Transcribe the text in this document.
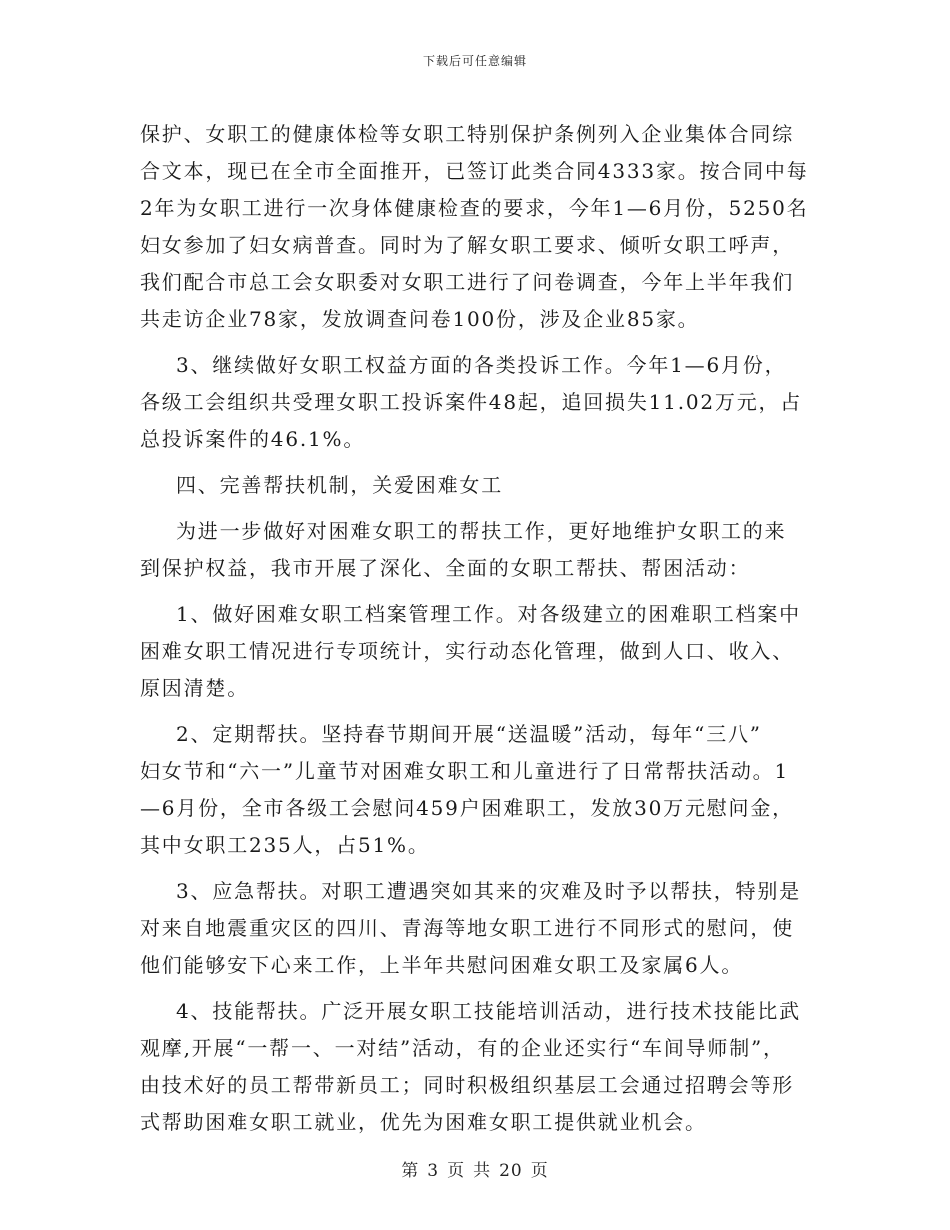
下载后可任意编辑
保护、女职工的健康体检等女职工特别保护条例列入企业集体合同综
合文本，现已在全市全面推开，已签订此类合同4333家。按合同中每
2年为女职工进行一次身体健康检查的要求，今年1—6月份，5250名
妇女参加了妇女病普查。同时为了解女职工要求、倾听女职工呼声，
我们配合市总工会女职委对女职工进行了问卷调查，今年上半年我们
共走访企业78家，发放调查问卷100份，涉及企业85家。
3、继续做好女职工权益方面的各类投诉工作。今年1—6月份，
各级工会组织共受理女职工投诉案件48起，追回损失11.02万元，占
总投诉案件的46.1%。
四、完善帮扶机制，关爱困难女工
为进一步做好对困难女职工的帮扶工作，更好地维护女职工的来
到保护权益，我市开展了深化、全面的女职工帮扶、帮困活动：
1、做好困难女职工档案管理工作。对各级建立的困难职工档案中
困难女职工情况进行专项统计，实行动态化管理，做到人口、收入、
原因清楚。
2、定期帮扶。坚持春节期间开展“送温暖”活动，每年“三八”
妇女节和“六一”儿童节对困难女职工和儿童进行了日常帮扶活动。1
—6月份，全市各级工会慰问459户困难职工，发放30万元慰问金，
其中女职工235人，占51%。
3、应急帮扶。对职工遭遇突如其来的灾难及时予以帮扶，特别是
对来自地震重灾区的四川、青海等地女职工进行不同形式的慰问，使
他们能够安下心来工作，上半年共慰问困难女职工及家属6人。
4、技能帮扶。广泛开展女职工技能培训活动，进行技术技能比武
观摩,开展“一帮一、一对结”活动，有的企业还实行“车间导师制”，
由技术好的员工帮带新员工；同时积极组织基层工会通过招聘会等形
式帮助困难女职工就业，优先为困难女职工提供就业机会。
第 3 页 共 20 页
